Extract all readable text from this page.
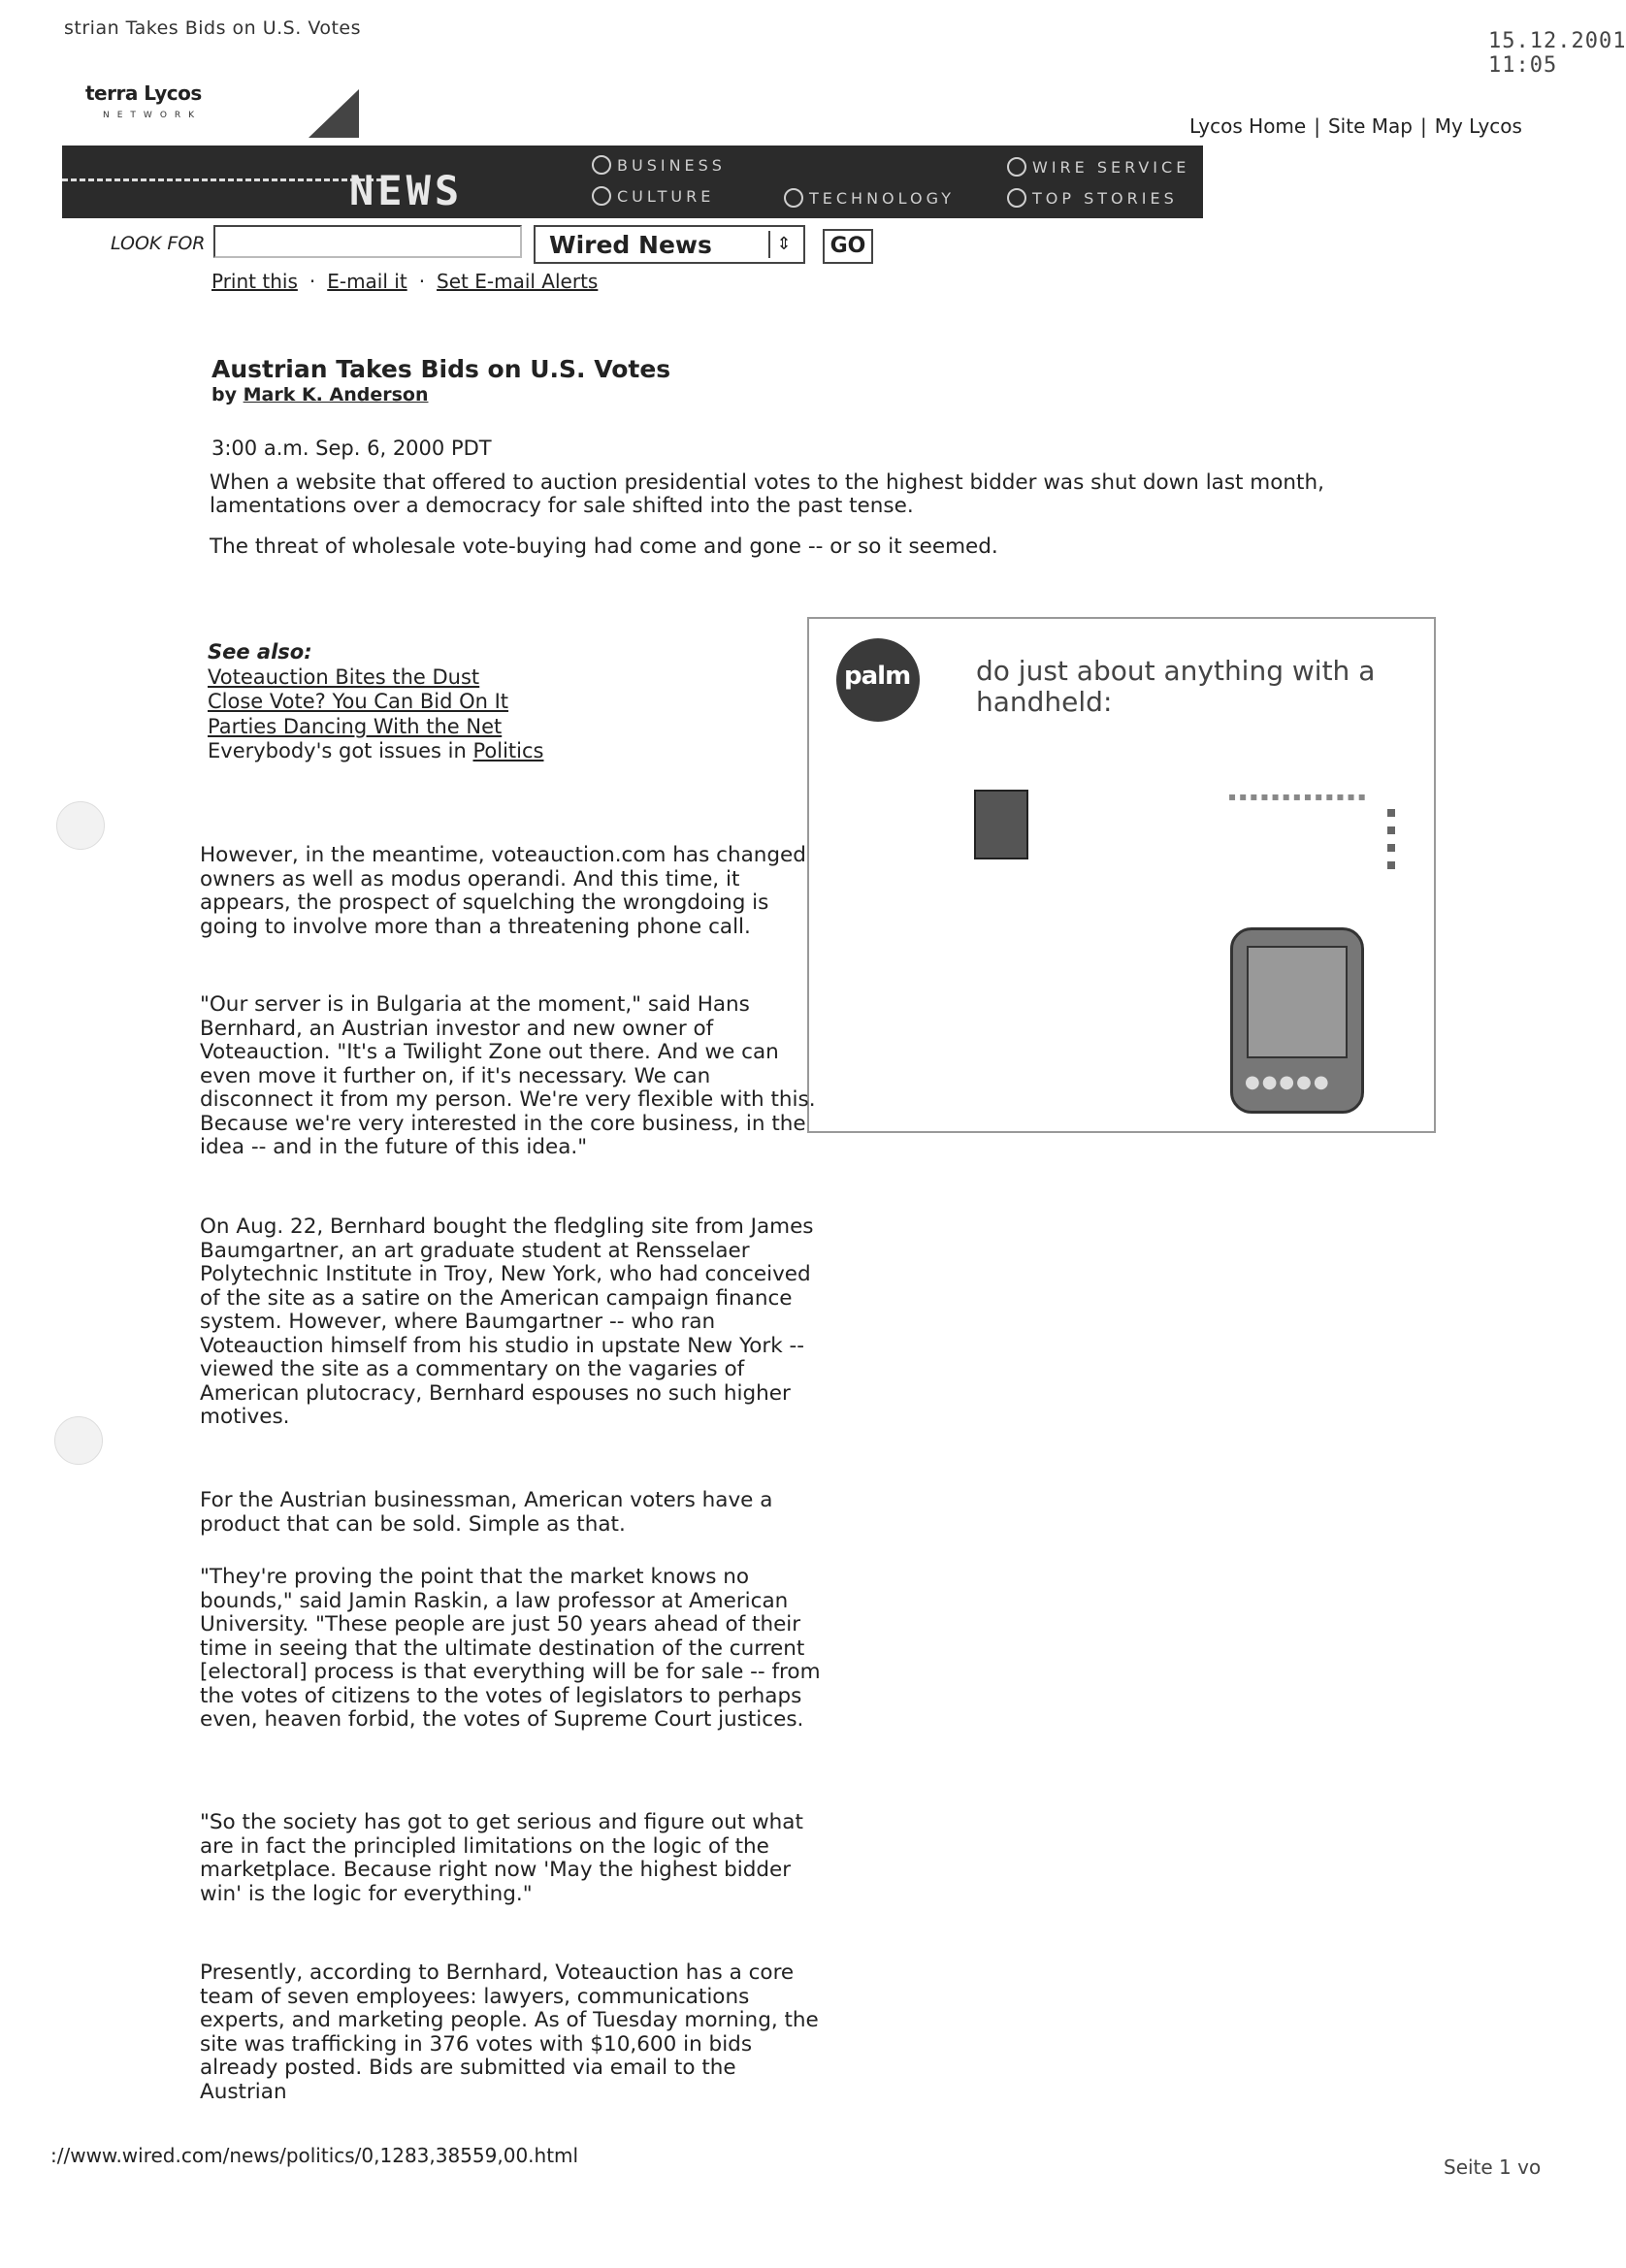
strian Takes Bids on U.S. Votes
15.12.2001 11:05
terra Lycos
NETWORK	Lycos Home | Site Map | My Lycos
NEWS
BUSINESS
CULTURE	TECHNOLOGY
WIRE SERVICE
TOP STORIES
LOOK FOR	Wired News	⇕	GO
Print this · E-mail it · Set E-mail Alerts
Austrian Takes Bids on U.S. Votes
by Mark K. Anderson
3:00 a.m. Sep. 6, 2000 PDT
When a website that offered to auction presidential votes to the highest bidder was shut down last month, lamentations over a democracy for sale shifted into the past tense.
The threat of wholesale vote-buying had come and gone -- or so it seemed.
See also:
Voteauction Bites the Dust
Close Vote? You Can Bid On It
Parties Dancing With the Net
Everybody's got issues in Politics
palm do just about anything with a handheld:
▪▪▪▪▪▪▪▪▪▪▪▪▪
●●●●●
However, in the meantime, voteauction.com has changed owners as well as modus operandi. And this time, it appears, the prospect of squelching the wrongdoing is going to involve more than a threatening phone call.
"Our server is in Bulgaria at the moment," said Hans Bernhard, an Austrian investor and new owner of Voteauction. "It's a Twilight Zone out there. And we can even move it further on, if it's necessary. We can disconnect it from my person. We're very flexible with this. Because we're very interested in the core business, in the idea -- and in the future of this idea."
On Aug. 22, Bernhard bought the fledgling site from James Baumgartner, an art graduate student at Rensselaer Polytechnic Institute in Troy, New York, who had conceived of the site as a satire on the American campaign finance system. However, where Baumgartner -- who ran Voteauction himself from his studio in upstate New York -- viewed the site as a commentary on the vagaries of American plutocracy, Bernhard espouses no such higher motives.
For the Austrian businessman, American voters have a product that can be sold. Simple as that.
"They're proving the point that the market knows no bounds," said Jamin Raskin, a law professor at American University. "These people are just 50 years ahead of their time in seeing that the ultimate destination of the current [electoral] process is that everything will be for sale -- from the votes of citizens to the votes of legislators to perhaps even, heaven forbid, the votes of Supreme Court justices.
"So the society has got to get serious and figure out what are in fact the principled limitations on the logic of the marketplace. Because right now 'May the highest bidder win' is the logic for everything."
Presently, according to Bernhard, Voteauction has a core team of seven employees: lawyers, communications experts, and marketing people. As of Tuesday morning, the site was trafficking in 376 votes with $10,600 in bids already posted. Bids are submitted via email to the Austrian
://www.wired.com/news/politics/0,1283,38559,00.html	Seite 1 vo
